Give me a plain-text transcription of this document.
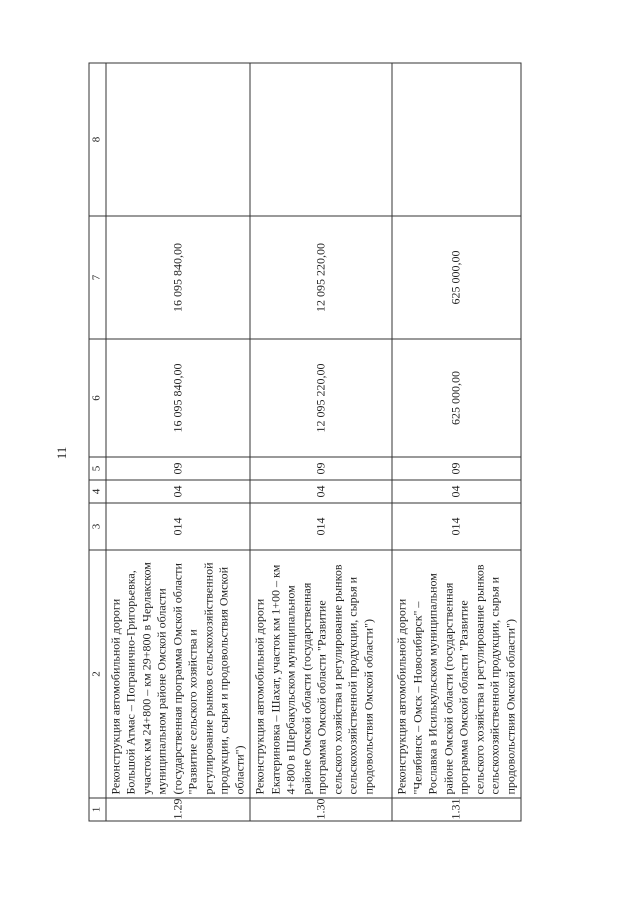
11
1	2	3	4	5	6	7	8
1.29	Реконструкция автомобильной дороги Большой Атмас – Погранично-Григорьевка, участок км 24+800 – км 29+800 в Черлакском муниципальном районе Омской области (государственная программа Омской области "Развитие сельского хозяйства и регулирование рынков сельскохозяйственной продукции, сырья и продовольствия Омской области")	014	04	09	16 095 840,00	16 095 840,00	
1.30	Реконструкция автомобильной дороги Екатериновка – Шахат, участок км 1+00 – км 4+800 в Шербакульском муниципальном районе Омской области (государственная программа Омской области "Развитие сельского хозяйства и регулирование рынков сельскохозяйственной продукции, сырья и продовольствия Омской области")	014	04	09	12 095 220,00	12 095 220,00	
1.31	Реконструкция автомобильной дороги "Челябинск – Омск – Новосибирск" – Рославка в Исилькульском муниципальном районе Омской области (государственная программа Омской области "Развитие сельского хозяйства и регулирование рынков сельскохозяйственной продукции, сырья и продовольствия Омской области")	014	04	09	625 000,00	625 000,00	
